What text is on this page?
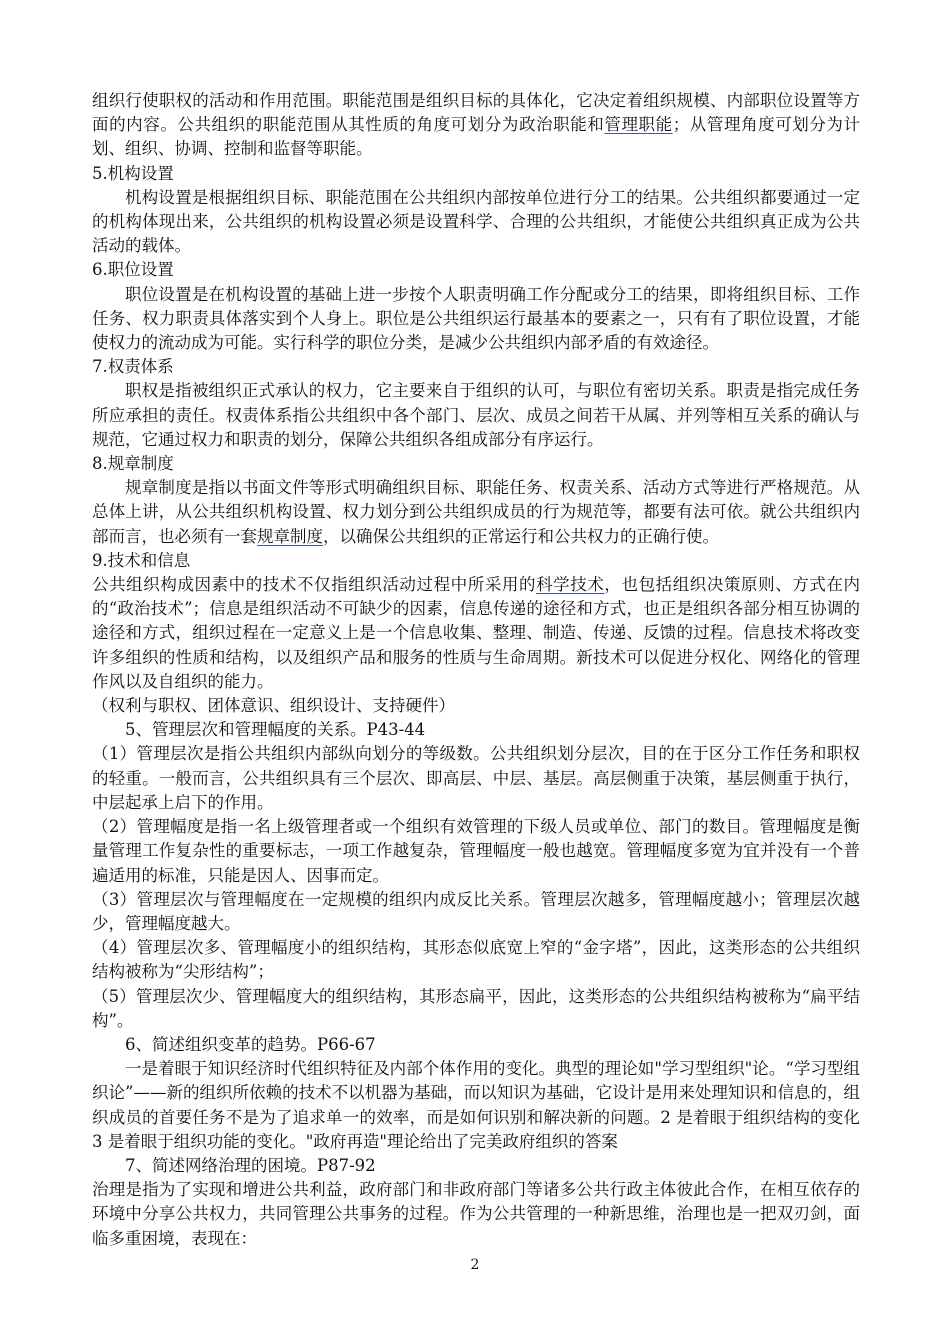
组织行使职权的活动和作用范围。职能范围是组织目标的具体化，它决定着组织规模、内部职位设置等方面的内容。公共组织的职能范围从其性质的角度可划分为政治职能和管理职能；从管理角度可划分为计划、组织、协调、控制和监督等职能。

5.机构设置

机构设置是根据组织目标、职能范围在公共组织内部按单位进行分工的结果。公共组织都要通过一定的机构体现出来，公共组织的机构设置必须是设置科学、合理的公共组织，才能使公共组织真正成为公共活动的载体。

6.职位设置

职位设置是在机构设置的基础上进一步按个人职责明确工作分配或分工的结果，即将组织目标、工作任务、权力职责具体落实到个人身上。职位是公共组织运行最基本的要素之一，只有有了职位设置，才能使权力的流动成为可能。实行科学的职位分类，是减少公共组织内部矛盾的有效途径。

7.权责体系

职权是指被组织正式承认的权力，它主要来自于组织的认可，与职位有密切关系。职责是指完成任务所应承担的责任。权责体系指公共组织中各个部门、层次、成员之间若干从属、并列等相互关系的确认与规范，它通过权力和职责的划分，保障公共组织各组成部分有序运行。

8.规章制度

规章制度是指以书面文件等形式明确组织目标、职能任务、权责关系、活动方式等进行严格规范。从总体上讲，从公共组织机构设置、权力划分到公共组织成员的行为规范等，都要有法可依。就公共组织内部而言，也必须有一套规章制度，以确保公共组织的正常运行和公共权力的正确行使。

9.技术和信息

公共组织构成因素中的技术不仅指组织活动过程中所采用的科学技术，也包括组织决策原则、方式在内的“政治技术”；信息是组织活动不可缺少的因素，信息传递的途径和方式，也正是组织各部分相互协调的途径和方式，组织过程在一定意义上是一个信息收集、整理、制造、传递、反馈的过程。信息技术将改变许多组织的性质和结构，以及组织产品和服务的性质与生命周期。新技术可以促进分权化、网络化的管理作风以及自组织的能力。

（权利与职权、团体意识、组织设计、支持硬件）

5、管理层次和管理幅度的关系。P43-44

（1）管理层次是指公共组织内部纵向划分的等级数。公共组织划分层次，目的在于区分工作任务和职权的轻重。一般而言，公共组织具有三个层次、即高层、中层、基层。高层侧重于决策，基层侧重于执行，中层起承上启下的作用。

（2）管理幅度是指一名上级管理者或一个组织有效管理的下级人员或单位、部门的数目。管理幅度是衡量管理工作复杂性的重要标志，一项工作越复杂，管理幅度一般也越宽。管理幅度多宽为宜并没有一个普遍适用的标准，只能是因人、因事而定。

（3）管理层次与管理幅度在一定规模的组织内成反比关系。管理层次越多，管理幅度越小；管理层次越少，管理幅度越大。

（4）管理层次多、管理幅度小的组织结构，其形态似底宽上窄的“金字塔”，因此，这类形态的公共组织结构被称为“尖形结构”；

（5）管理层次少、管理幅度大的组织结构，其形态扁平，因此，这类形态的公共组织结构被称为“扁平结构”。

6、简述组织变革的趋势。P66-67

一是着眼于知识经济时代组织特征及内部个体作用的变化。典型的理论如"学习型组织"论。“学习型组织论”——新的组织所依赖的技术不以机器为基础，而以知识为基础，它设计是用来处理知识和信息的，组织成员的首要任务不是为了追求单一的效率，而是如何识别和解决新的问题。2 是着眼于组织结构的变化 3 是着眼于组织功能的变化。"政府再造"理论给出了完美政府组织的答案

7、简述网络治理的困境。P87-92

治理是指为了实现和增进公共利益，政府部门和非政府部门等诸多公共行政主体彼此合作，在相互依存的环境中分享公共权力，共同管理公共事务的过程。作为公共管理的一种新思维，治理也是一把双刃剑，面临多重困境，表现在：

2
